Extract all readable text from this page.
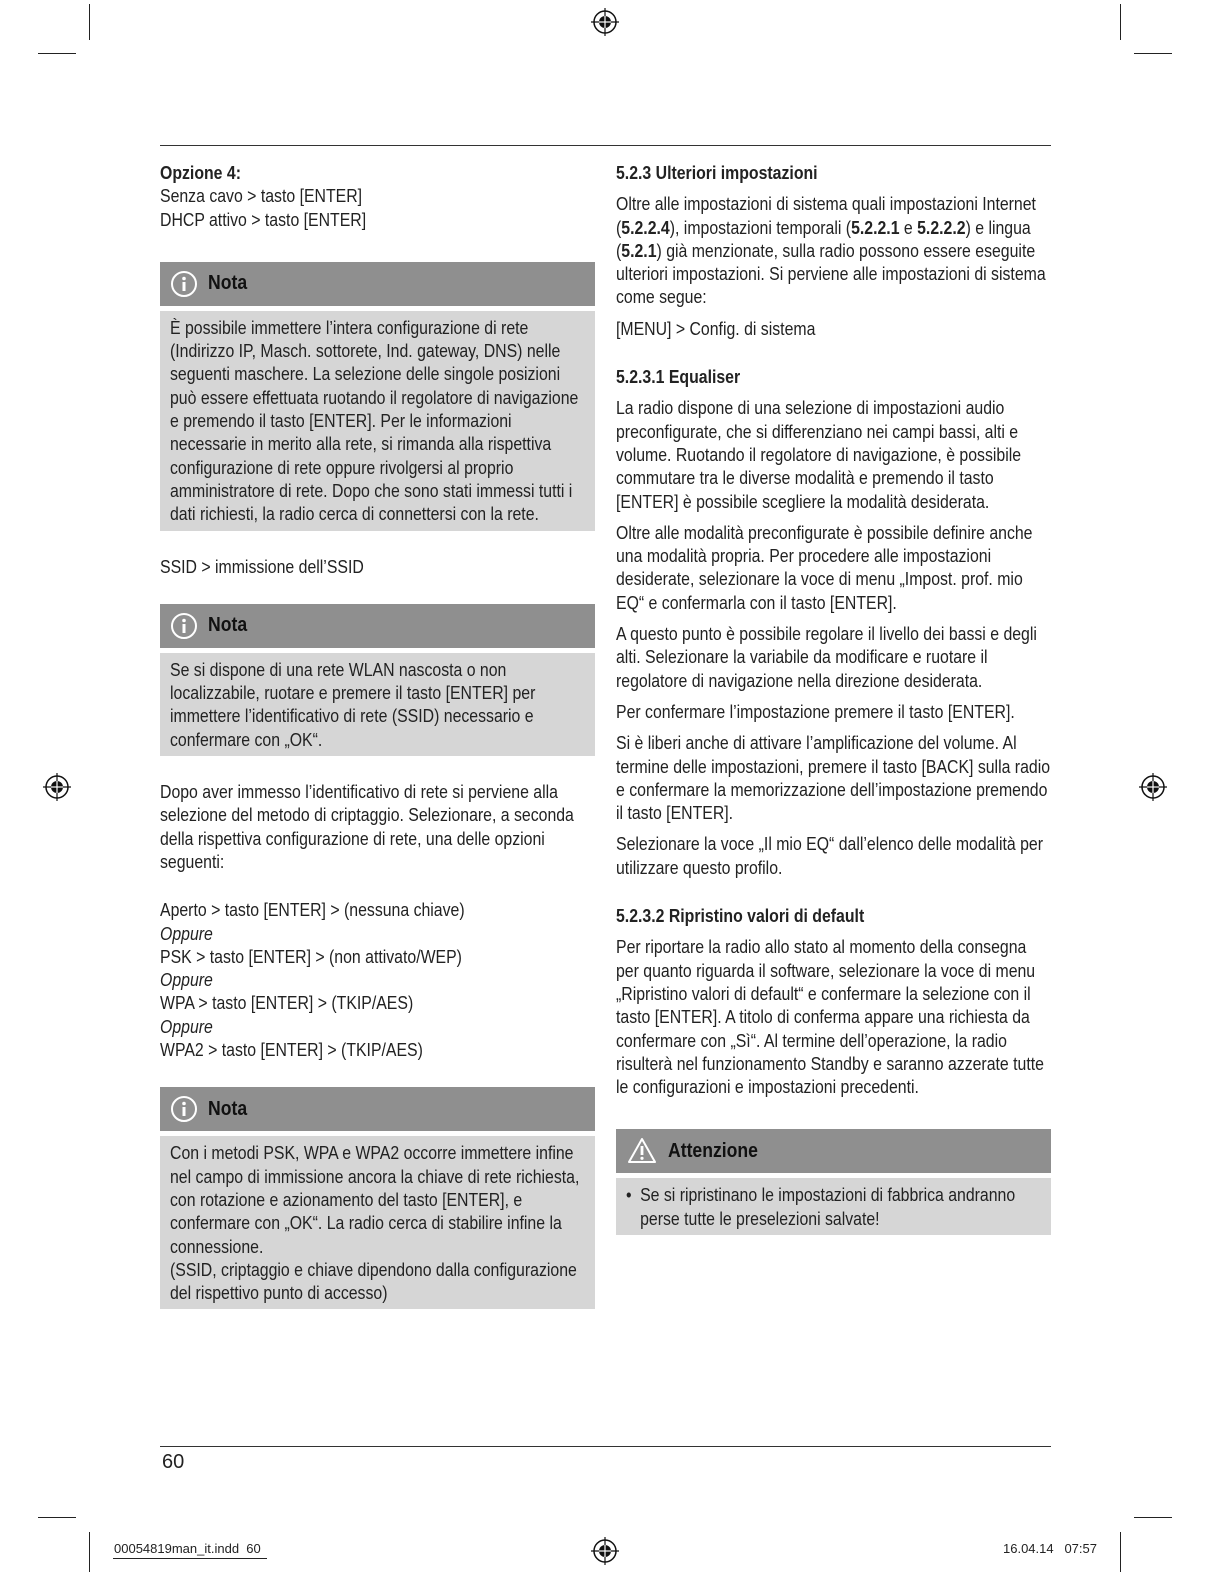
Opzione 4:

Senza cavo > tasto [ENTER]

DHCP attivo > tasto [ENTER]

Nota

È possibile immettere l’intera configurazione di rete (Indirizzo IP, Masch. sottorete, Ind. gateway, DNS) nelle seguenti maschere. La selezione delle singole posizioni può essere effettuata ruotando il regolatore di navigazione e premendo il tasto [ENTER]. Per le informazioni necessarie in merito alla rete, si rimanda alla rispettiva configurazione di rete oppure rivolgersi al proprio amministratore di rete. Dopo che sono stati immessi tutti i dati richiesti, la radio cerca di connettersi con la rete.

SSID > immissione dell’SSID

Nota

Se si dispone di una rete WLAN nascosta o non localizzabile, ruotare e premere il tasto [ENTER] per immettere l’identificativo di rete (SSID) necessario e confermare con „OK“.

Dopo aver immesso l’identificativo di rete si perviene alla selezione del metodo di criptaggio. Selezionare, a seconda della rispettiva configurazione di rete, una delle opzioni seguenti:

Aperto > tasto [ENTER] > (nessuna chiave)

Oppure

PSK > tasto [ENTER] > (non attivato/WEP)

Oppure

WPA > tasto [ENTER] > (TKIP/AES)

Oppure

WPA2 > tasto [ENTER] > (TKIP/AES)

Nota

Con i metodi PSK, WPA e WPA2 occorre immettere infine nel campo di immissione ancora la chiave di rete richiesta, con rotazione e azionamento del tasto [ENTER], e confermare con „OK“. La radio cerca di stabilire infine la connessione.

(SSID, criptaggio e chiave dipendono dalla configurazione del rispettivo punto di accesso)

5.2.3 Ulteriori impostazioni

Oltre alle impostazioni di sistema quali impostazioni Internet (5.2.2.4), impostazioni temporali (5.2.2.1 e 5.2.2.2) e lingua (5.2.1) già menzionate, sulla radio possono essere eseguite ulteriori impostazioni. Si perviene alle impostazioni di sistema come segue:

[MENU] > Config. di sistema

5.2.3.1 Equaliser

La radio dispone di una selezione di impostazioni audio preconfigurate, che si differenziano nei campi bassi, alti e volume. Ruotando il regolatore di navigazione, è possibile commutare tra le diverse modalità e premendo il tasto [ENTER] è possibile scegliere la modalità desiderata.

Oltre alle modalità preconfigurate è possibile definire anche una modalità propria. Per procedere alle impostazioni desiderate, selezionare la voce di menu „Impost. prof. mio EQ“ e confermarla con il tasto [ENTER].

A questo punto è possibile regolare il livello dei bassi e degli alti. Selezionare la variabile da modificare e ruotare il regolatore di navigazione nella direzione desiderata.

Per confermare l’impostazione premere il tasto [ENTER].

Si è liberi anche di attivare l’amplificazione del volume. Al termine delle impostazioni, premere il tasto [BACK] sulla radio e confermare la memorizzazione dell’impostazione premendo il tasto [ENTER].

Selezionare la voce „Il mio EQ“ dall’elenco delle modalità per utilizzare questo profilo.

5.2.3.2 Ripristino valori di default

Per riportare la radio allo stato al momento della consegna per quanto riguarda il software, selezionare la voce di menu „Ripristino valori di default“ e confermare la selezione con il tasto [ENTER]. A titolo di conferma appare una richiesta da confermare con „Sì“. Al termine dell’operazione, la radio risulterà nel funzionamento Standby e saranno azzerate tutte le configurazioni e impostazioni precedenti.

Attenzione
• Se si ripristinano le impostazioni di fabbrica andranno perse tutte le preselezioni salvate!
60
00054819man_it.indd 60	16.04.14 07:57
